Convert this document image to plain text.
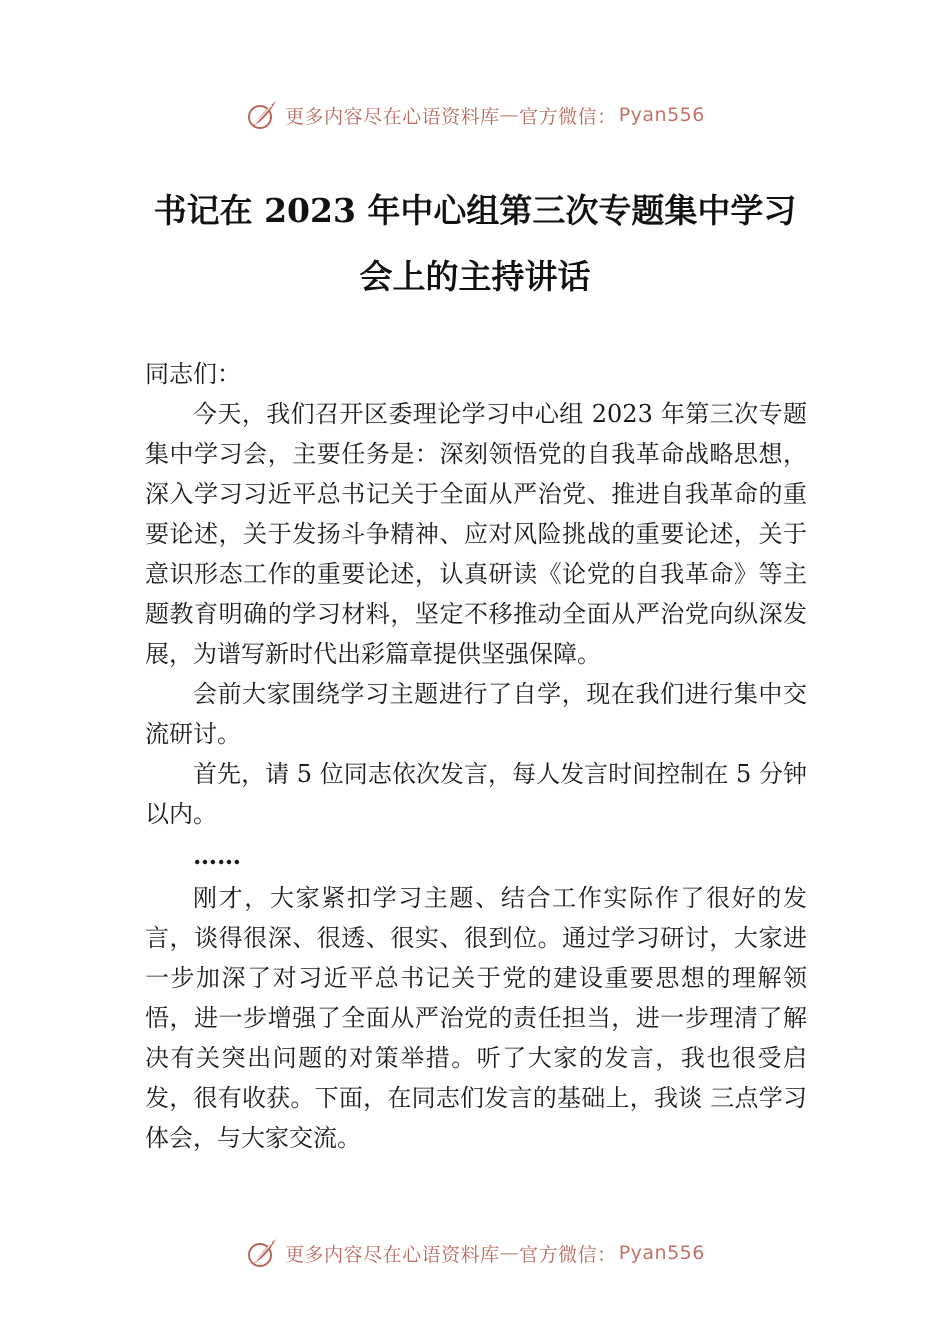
更多内容尽在心语资料库 — 官方微信： Pyan556
书记在 2023 年中心组第三次专题集中学习
会上的主持讲话

同志们：

今天，我们召开区委理论学习中心组 2023 年第三次专题集中学习会，主要任务是：深刻领悟党的自我革命战略思想，深入学习习近平总书记关于全面从严治党、推进自我革命的重要论述，关于发扬斗争精神、应对风险挑战的重要论述，关于意识形态工作的重要论述，认真研读《论党的自我革命》等主题教育明确的学习材料，坚定不移推动全面从严治党向纵深发展，为谱写新时代出彩篇章提供坚强保障。

会前大家围绕学习主题进行了自学，现在我们进行集中交流研讨。

首先，请 5 位同志依次发言，每人发言时间控制在 5 分钟以内。

……

刚才，大家紧扣学习主题、结合工作实际作了很好的发言，谈得很深、很透、很实、很到位。通过学习研讨，大家进一步加深了对习近平总书记关于党的建设重要思想的理解领悟，进一步增强了全面从严治党的责任担当，进一步理清了解决有关突出问题的对策举措。听了大家的发言，我也很受启发，很有收获。下面，在同志们发言的基础上，我谈 三点学习体会，与大家交流。

更多内容尽在心语资料库 — 官方微信： Pyan556
